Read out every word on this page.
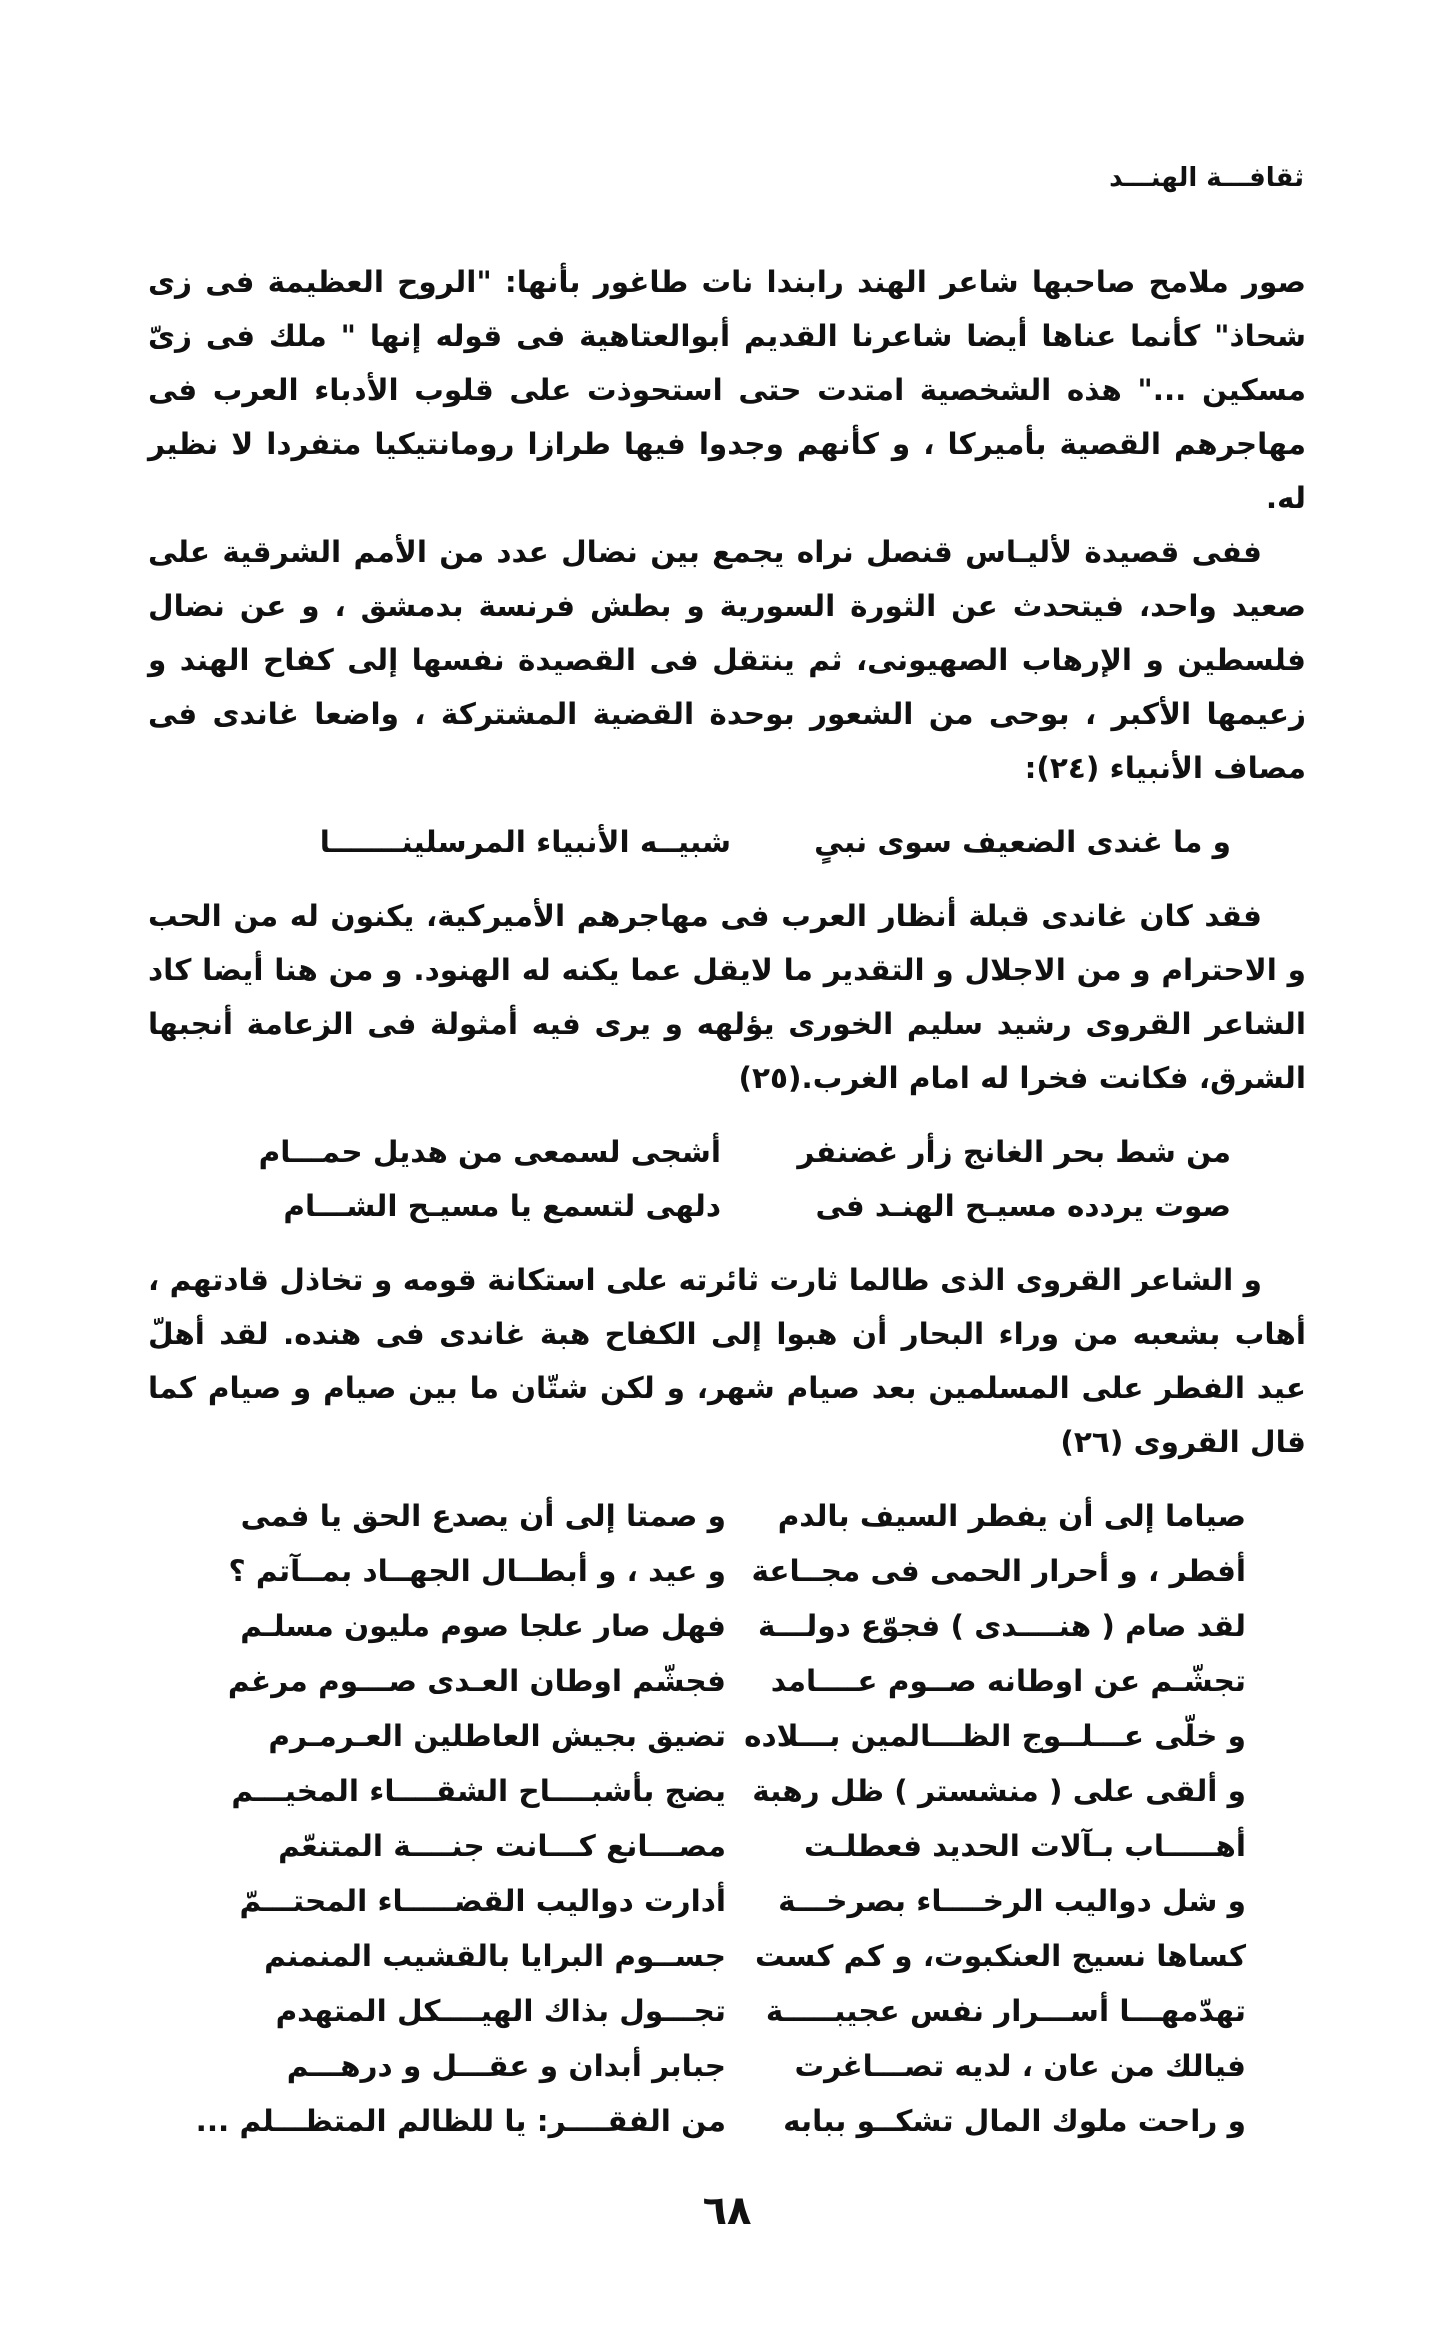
ثقافـــة الهنـــد

صور ملامح صاحبها شاعر الهند رابندا نات طاغور بأنها: "الروح العظيمة فى زى شحاذ" كأنما عناها أيضا شاعرنا القديم أبوالعتاهية فى قوله إنها " ملك فى زىّ مسكين ..." هذه الشخصية امتدت حتى استحوذت على قلوب الأدباء العرب فى مهاجرهم القصية بأميركا ، و كأنهم وجدوا فيها طرازا رومانتيكيا متفردا لا نظير له.

ففى قصيدة لأليـاس قنصل نراه يجمع بين نضال عدد من الأمم الشرقية على صعيد واحد، فيتحدث عن الثورة السورية و بطش فرنسة بدمشق ، و عن نضال فلسطين و الإرهاب الصهيونى، ثم ينتقل فى القصيدة نفسها إلى كفاح الهند و زعيمها الأكبر ، بوحى من الشعور بوحدة القضية المشتركة ، واضعا غاندى فى مصاف الأنبياء (٢٤):

و ما غندى الضعيف سوى نبىٍ
شبيــه الأنبياء المرسلينـــــــا

فقد كان غاندى قبلة أنظار العرب فى مهاجرهم الأميركية، يكنون له من الحب و الاحترام و من الاجلال و التقدير ما لايقل عما يكنه له الهنود. و من هنا أيضا كاد الشاعر القروى رشيد سليم الخورى يؤلهه و يرى فيه أمثولة فى الزعامة أنجبها الشرق، فكانت فخرا له امام الغرب.(٢٥)

من شط بحر الغانج زأر غضنفر
أشجى لسمعى من هديل حمـــام
صوت يردده مسيـح الهنـد فى
دلهى لتسمع يا مسيـح الشـــام

و الشاعر القروى الذى طالما ثارت ثائرته على استكانة قومه و تخاذل قادتهم ، أهاب بشعبه من وراء البحار أن هبوا إلى الكفاح هبة غاندى فى هنده. لقد أهلّ عيد الفطر على المسلمين بعد صيام شهر، و لكن شتّان ما بين صيام و صيام كما قال القروى (٢٦)

صياما إلى أن يفطر السيف بالدم
و صمتا إلى أن يصدع الحق يا فمى
أفطر ، و أحرار الحمى فى مجــاعة
و عيد ، و أبطــال الجهــاد بمــآتم ؟
لقد صام ( هنــــدى ) فجوّع دولـــة
فهل صار علجا صوم مليون مسلـم
تجشّـم عن اوطانه صــوم عــــامد
فجشّم اوطان العـدى صـــوم مرغم
و خلّى عـــلــوج الظـــالمين بـــلاده
تضيق بجيش العاطلين العـرمـرم
و ألقى على ( منشستر ) ظل رهبة
يضج بأشبــــاح الشقــــاء المخيـــم
أهـــــاب بـآلات الحديد فعطلـت
مصـــانع كـــانت جنــــة المتنعّم
و شل دواليب الرخــــاء بصرخـــة
أدارت دواليب القضـــــاء المحتـــمّ
كساها نسيج العنكبوت، و كم كست
جســوم البرايا بالقشيب المنمنم
تهدّمهـــا أســـرار نفس عجيبـــــة
تجـــول بذاك الهيــــكل المتهدم
فيالك من عان ، لديه تصـــاغرت
جبابر أبدان و عقـــل و درهـــم
و راحت ملوك المال تشكــو ببابه
من الفقــــر: يا للظالم المتظـــلم ...
٦٨
